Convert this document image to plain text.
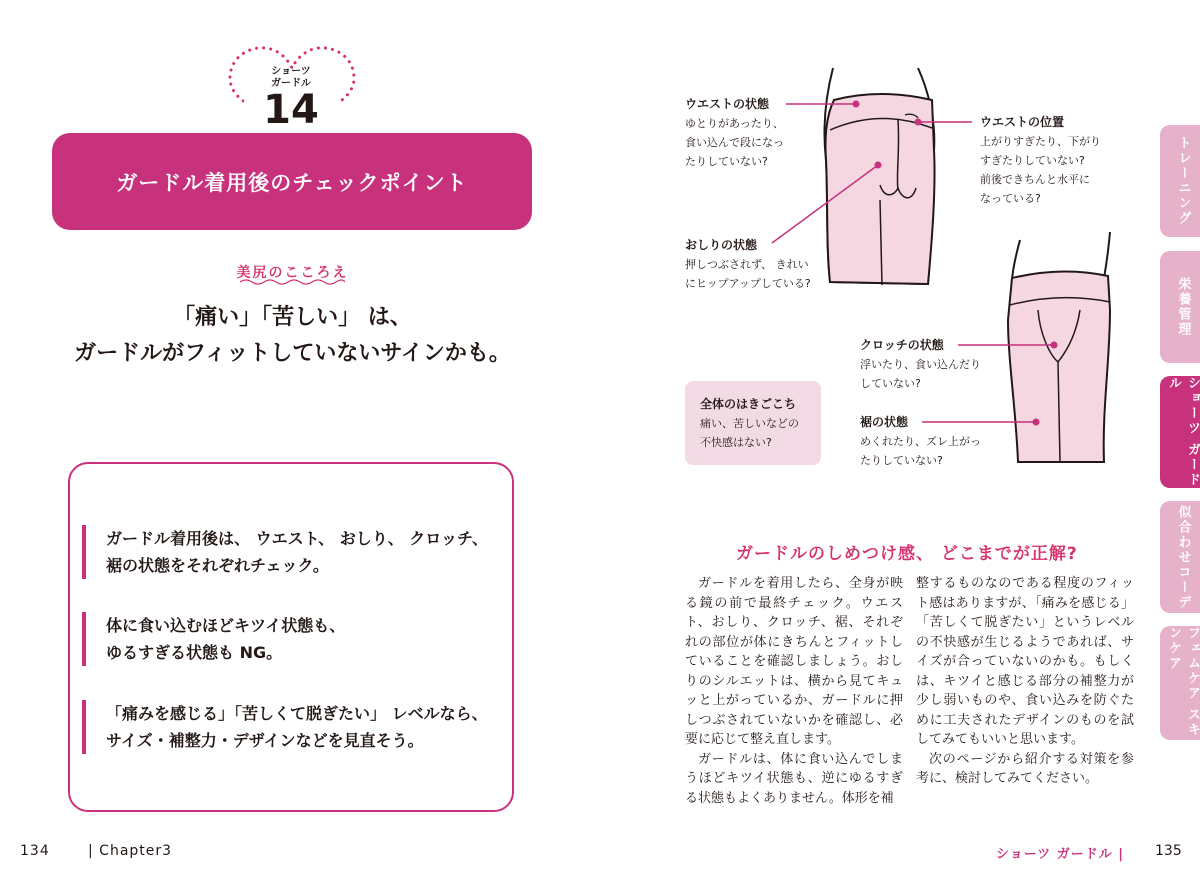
ショーツ
ガードル
14
ガードル着用後のチェックポイント
美尻のこころえ
「痛い」「苦しい」 は、
ガードルがフィットしていないサインかも。
ガードル着用後は、 ウエスト、 おしり、 クロッチ、
裾の状態をそれぞれチェック。
体に食い込むほどキツイ状態も、
ゆるすぎる状態も NG。
「痛みを感じる」「苦しくて脱ぎたい」 レベルなら、
サイズ・補整力・デザインなどを見直そう。
134	| Chapter3
ウエストの状態
ゆとりがあったり、
食い込んで段になっ
たりしていない?
ウエストの位置
上がりすぎたり、下がり
すぎたりしていない?
前後できちんと水平に
なっている?
おしりの状態
押しつぶされず、 きれい
にヒップアップしている?
クロッチの状態
浮いたり、食い込んだり
していない?
裾の状態
めくれたり、ズレ上がっ
たりしていない?
全体のはきごこち
痛い、苦しいなどの
不快感はない?
ガードルのしめつけ感、 どこまでが正解?

ガードルを着用したら、全身が映る鏡の前で最終チェック。ウエスト、おしり、クロッチ、裾、それぞれの部位が体にきちんとフィットしていることを確認しましょう。おしりのシルエットは、横から見てキュッと上がっているか、ガードルに押しつぶされていないかを確認し、必要に応じて整え直します。

ガードルは、体に食い込んでしまうほどキツイ状態も、逆にゆるすぎる状態もよくありません。体形を補

整するものなのである程度のフィット感はありますが、「痛みを感じる」「苦しくて脱ぎたい」というレベルの不快感が生じるようであれば、サイズが合っていないのかも。もしくは、キツイと感じる部分の補整力が少し弱いものや、食い込みを防ぐために工夫されたデザインのものを試してみてもいいと思います。

次のページから紹介する対策を参考に、検討してみてください。

ショーツ ガードル | 135
トレーニング
栄養管理
ショーツ ガードル
似合わせコーデ
フェムケア スキンケア
